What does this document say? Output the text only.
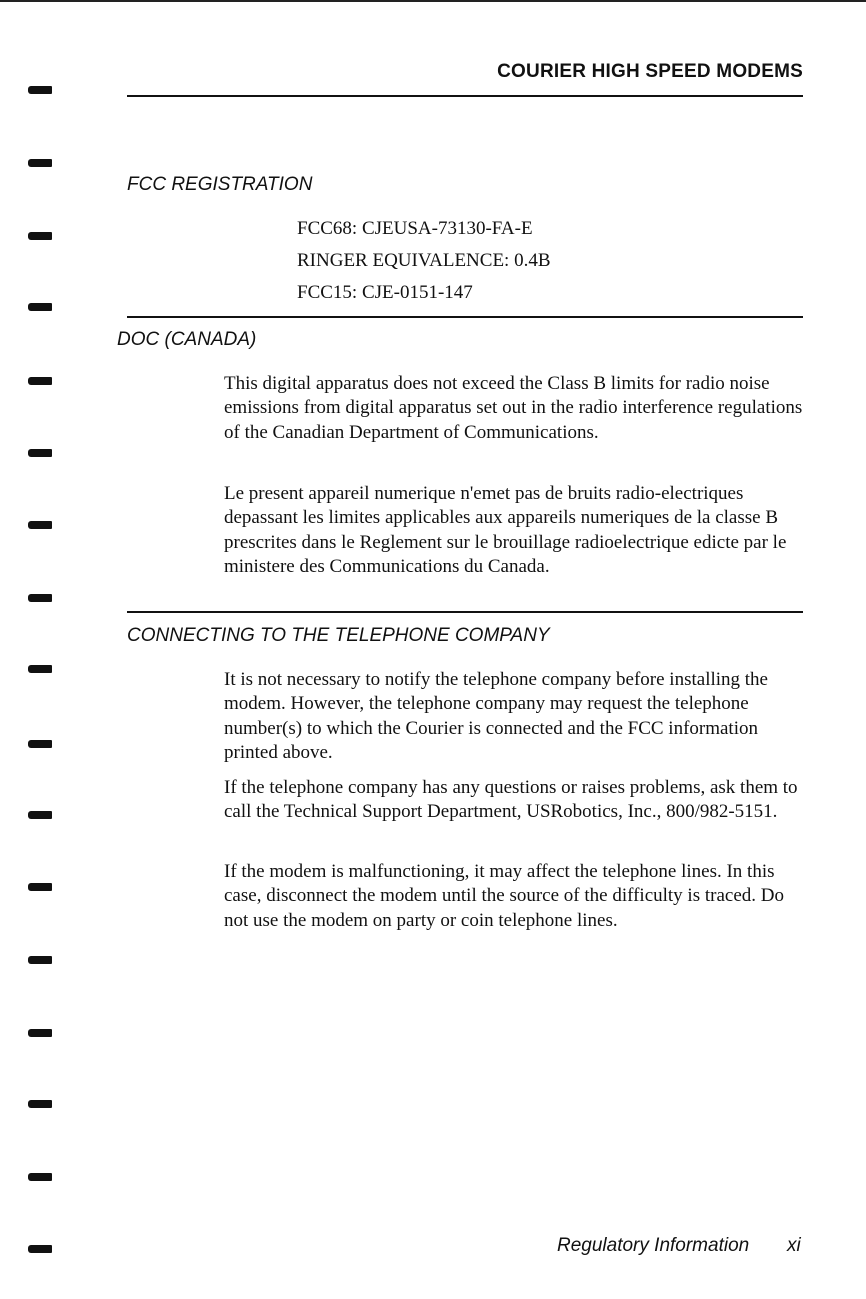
COURIER HIGH SPEED MODEMS
FCC REGISTRATION
FCC68: CJEUSA-73130-FA-E
RINGER EQUIVALENCE: 0.4B
FCC15: CJE-0151-147
DOC (CANADA)

This digital apparatus does not exceed the Class B limits for radio noise emissions from digital apparatus set out in the radio interference regulations of the Canadian Department of Communications.

Le present appareil numerique n'emet pas de bruits radio-electriques depassant les limites applicables aux appareils numeriques de la classe B prescrites dans le Reglement sur le brouillage radioelectrique edicte par le ministere des Communications du Canada.

CONNECTING TO THE TELEPHONE COMPANY

It is not necessary to notify the telephone company before installing the modem. However, the telephone company may request the telephone number(s) to which the Courier is connected and the FCC information printed above.

If the telephone company has any questions or raises problems, ask them to call the Technical Support Department, USRobotics, Inc., 800/982-5151.

If the modem is malfunctioning, it may affect the telephone lines. In this case, disconnect the modem until the source of the difficulty is traced. Do not use the modem on party or coin telephone lines.

Regulatory Information xi
